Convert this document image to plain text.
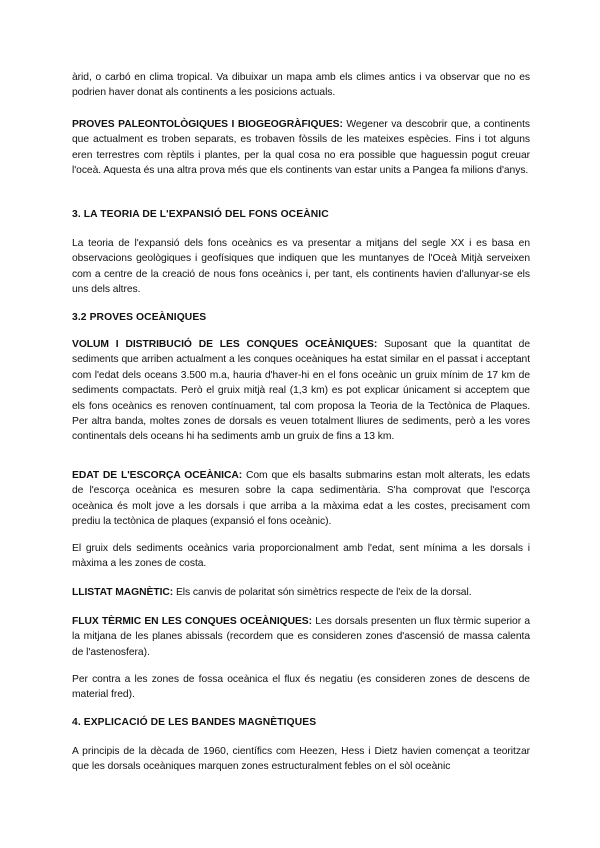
àrid, o carbó en clima tropical. Va dibuixar un mapa amb els climes antics i va observar que no es podrien haver donat als continents a les posicions actuals.

PROVES PALEONTOLÒGIQUES I BIOGEOGRÀFIQUES: Wegener va descobrir que, a continents que actualment es troben separats, es trobaven fòssils de les mateixes espècies. Fins i tot alguns eren terrestres com rèptils i plantes, per la qual cosa no era possible que haguessin pogut creuar l'oceà. Aquesta és una altra prova més que els continents van estar units a Pangea fa milions d'anys.

3. LA TEORIA DE L'EXPANSIÓ DEL FONS OCEÀNIC

La teoria de l'expansió dels fons oceànics es va presentar a mitjans del segle XX i es basa en observacions geològiques i geofísiques que indiquen que les muntanyes de l'Oceà Mitjà serveixen com a centre de la creació de nous fons oceànics i, per tant, els continents havien d'allunyar-se els uns dels altres.

3.2 PROVES OCEÀNIQUES

VOLUM I DISTRIBUCIÓ DE LES CONQUES OCEÀNIQUES: Suposant que la quantitat de sediments que arriben actualment a les conques oceàniques ha estat similar en el passat i acceptant com l'edat dels oceans 3.500 m.a, hauria d'haver-hi en el fons oceànic un gruix mínim de 17 km de sediments compactats. Però el gruix mitjà real (1,3 km) es pot explicar únicament si acceptem que els fons oceànics es renoven contínuament, tal com proposa la Teoria de la Tectònica de Plaques. Per altra banda, moltes zones de dorsals es veuen totalment lliures de sediments, però a les vores continentals dels oceans hi ha sediments amb un gruix de fins a 13 km.

EDAT DE L'ESCORÇA OCEÀNICA: Com que els basalts submarins estan molt alterats, les edats de l'escorça oceànica es mesuren sobre la capa sedimentària. S'ha comprovat que l'escorça oceànica és molt jove a les dorsals i que arriba a la màxima edat a les costes, precisament com prediu la tectònica de plaques (expansió el fons oceànic).

El gruix dels sediments oceànics varia proporcionalment amb l'edat, sent mínima a les dorsals i màxima a les zones de costa.

LLISTAT MAGNÈTIC: Els canvis de polaritat són simètrics respecte de l'eix de la dorsal.

FLUX TÈRMIC EN LES CONQUES OCEÀNIQUES: Les dorsals presenten un flux tèrmic superior a la mitjana de les planes abissals (recordem que es consideren zones d'ascensió de massa calenta de l'astenosfera).

Per contra a les zones de fossa oceànica el flux és negatiu (es consideren zones de descens de material fred).

4. EXPLICACIÓ DE LES BANDES MAGNÈTIQUES

A principis de la dècada de 1960, científics com Heezen, Hess i Dietz havien començat a teoritzar que les dorsals oceàniques marquen zones estructuralment febles on el sòl oceànic
